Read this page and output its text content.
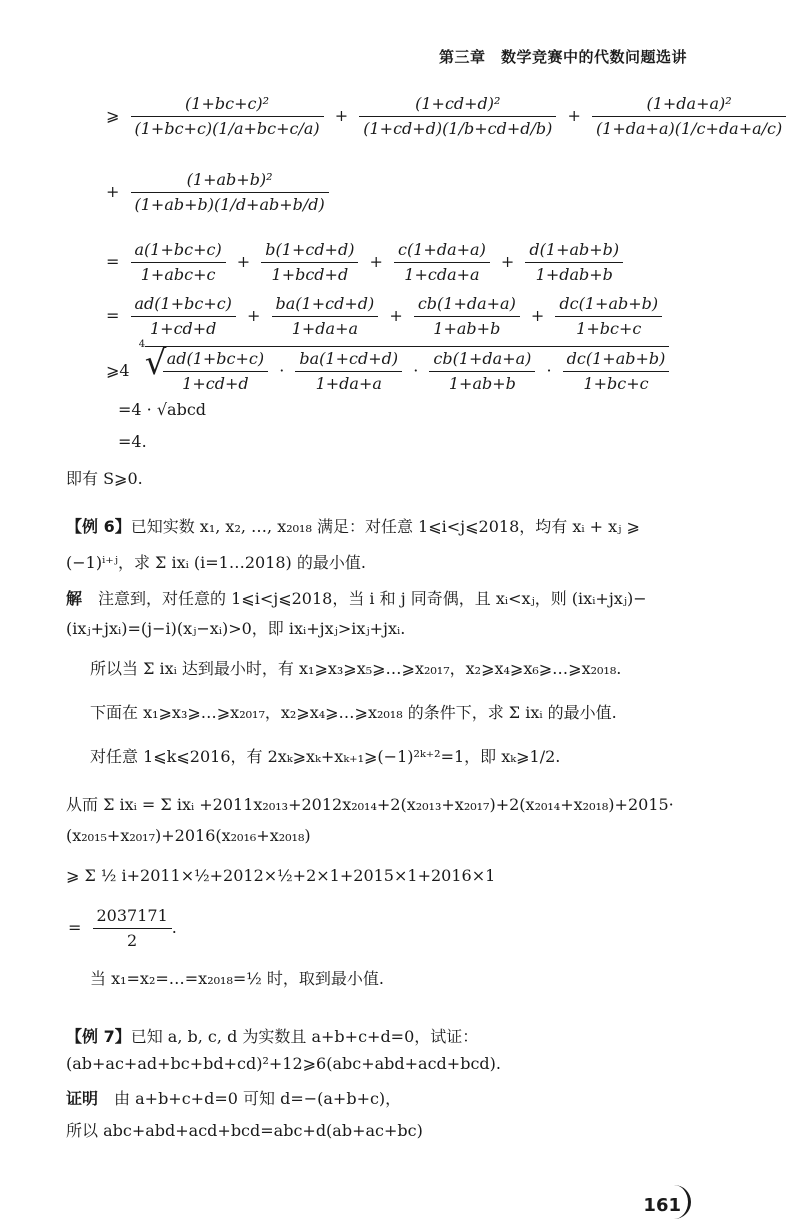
第三章　数学竞赛中的代数问题选讲
⩾ $\frac{\text{(1+bc+c)²}}{(1+bc+c)(1/a+bc+c/a)} + \frac{\text{(1+cd+d)²}}{(1+cd+d)(1/b+cd+d/b)} + \frac{\text{(1+da+a)²}}{(1+da+a)(1/c+da+a/c)}$
+ $\frac{\text{(1+ab+b)²}}{(1+ab+b)(1/d+ab+b/d)}$
= $\frac{a(1+bc+c)}{\text{1+abc+c}} + \frac{b(1+cd+d)}{\text{1+bcd+d}} + \frac{c(1+da+a)}{\text{1+cda+a}} + \frac{d(1+ab+b)}{\text{1+dab+b}}$
= $\frac{ad(1+bc+c)}{1+cd+d} + \frac{ba(1+cd+d)}{1+da+a} + \frac{cb(1+da+a)}{1+ab+b} + \frac{dc(1+ab+b)}{1+bc+c}$
⩾4
4 √
$\frac{ad(1+bc+c)}{1+cd+d} \cdot \frac{ba(1+cd+d)}{1+da+a} \cdot \frac{cb(1+da+a)}{1+ab+b} \cdot \frac{dc(1+ab+b)}{1+bc+c}$
=4 · √abcd
=4.
即有 S⩾0.
【例 6】已知实数 x₁, x₂, …, x₂₀₁₈ 满足：对任意 1⩽i<j⩽2018，均有 xᵢ + xⱼ ⩾
(−1)ⁱ⁺ʲ，求 Σ ixᵢ (i=1…2018) 的最小值.
解　 注意到，对任意的 1⩽i<j⩽2018，当 i 和 j 同奇偶，且 xᵢ<xⱼ，则 (ixᵢ+jxⱼ)−
(ixⱼ+jxᵢ)=(j−i)(xⱼ−xᵢ)>0，即 ixᵢ+jxⱼ>ixⱼ+jxᵢ.
所以当 Σ ixᵢ 达到最小时，有 x₁⩾x₃⩾x₅⩾…⩾x₂₀₁₇，x₂⩾x₄⩾x₆⩾…⩾x₂₀₁₈.
下面在 x₁⩾x₃⩾…⩾x₂₀₁₇，x₂⩾x₄⩾…⩾x₂₀₁₈ 的条件下，求 Σ ixᵢ 的最小值.
对任意 1⩽k⩽2016，有 2xₖ⩾xₖ+xₖ₊₁⩾(−1)²ᵏ⁺²=1，即 xₖ⩾1/2.
从而 Σ ixᵢ = Σ ixᵢ +2011x₂₀₁₃+2012x₂₀₁₄+2(x₂₀₁₃+x₂₀₁₇)+2(x₂₀₁₄+x₂₀₁₈)+2015·
(x₂₀₁₅+x₂₀₁₇)+2016(x₂₀₁₆+x₂₀₁₈)
⩾ Σ ½ i+2011×½+2012×½+2×1+2015×1+2016×1
= $\frac{2037171}{2}$ .
当 x₁=x₂=…=x₂₀₁₈=½ 时，取到最小值.
【例 7】已知 a, b, c, d 为实数且 a+b+c+d=0，试证：
(ab+ac+ad+bc+bd+cd)²+12⩾6(abc+abd+acd+bcd).
证明　 由 a+b+c+d=0 可知 d=−(a+b+c)，
所以 abc+abd+acd+bcd=abc+d(ab+ac+bc)
161
